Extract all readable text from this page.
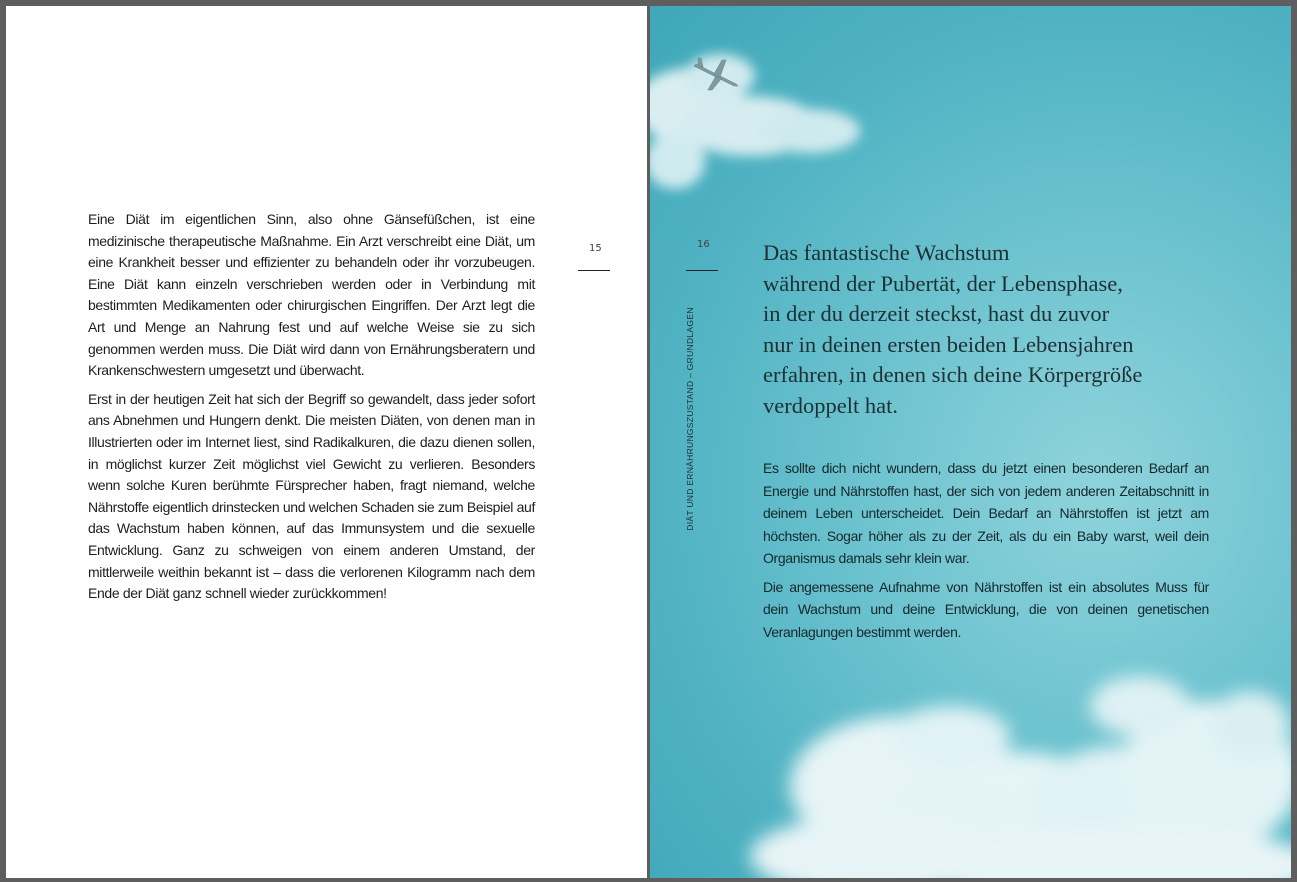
Eine Diät im eigentlichen Sinn, also ohne Gänsefüßchen, ist eine medizinische therapeutische Maßnahme. Ein Arzt verschreibt eine Diät, um eine Krankheit besser und effizienter zu behandeln oder ihr vorzubeugen. Eine Diät kann einzeln verschrieben werden oder in Verbindung mit bestimmten Medikamenten oder chirurgischen Eingriffen. Der Arzt legt die Art und Menge an Nahrung fest und auf welche Weise sie zu sich genommen werden muss. Die Diät wird dann von Ernährungsberatern und Krankenschwestern umgesetzt und überwacht.

Erst in der heutigen Zeit hat sich der Begriff so gewandelt, dass jeder sofort ans Abnehmen und Hungern denkt. Die meisten Diäten, von denen man in Illustrierten oder im Internet liest, sind Radikalkuren, die dazu dienen sollen, in möglichst kurzer Zeit möglichst viel Gewicht zu verlieren. Besonders wenn solche Kuren berühmte Fürsprecher haben, fragt niemand, welche Nährstoffe eigentlich drinstecken und welchen Schaden sie zum Beispiel auf das Wachstum haben können, auf das Immunsystem und die sexuelle Entwicklung. Ganz zu schweigen von einem anderen Umstand, der mittlerweile weithin bekannt ist – dass die verlorenen Kilogramm nach dem Ende der Diät ganz schnell wieder zurückkommen!

15	16
DIÄT UND ERNÄHRUNGSZUSTAND – GRUNDLAGEN
Das fantastische Wachstum
während der Pubertät, der Lebensphase,
in der du derzeit steckst, hast du zuvor
nur in deinen ersten beiden Lebensjahren
erfahren, in denen sich deine Körpergröße
verdoppelt hat.

Es sollte dich nicht wundern, dass du jetzt einen besonderen Bedarf an Energie und Nährstoffen hast, der sich von jedem anderen Zeitabschnitt in deinem Leben unterscheidet. Dein Bedarf an Nährstoffen ist jetzt am höchsten. Sogar höher als zu der Zeit, als du ein Baby warst, weil dein Organismus damals sehr klein war.

Die angemessene Aufnahme von Nährstoffen ist ein absolutes Muss für dein Wachstum und deine Entwicklung, die von deinen genetischen Veranlagungen bestimmt werden.
